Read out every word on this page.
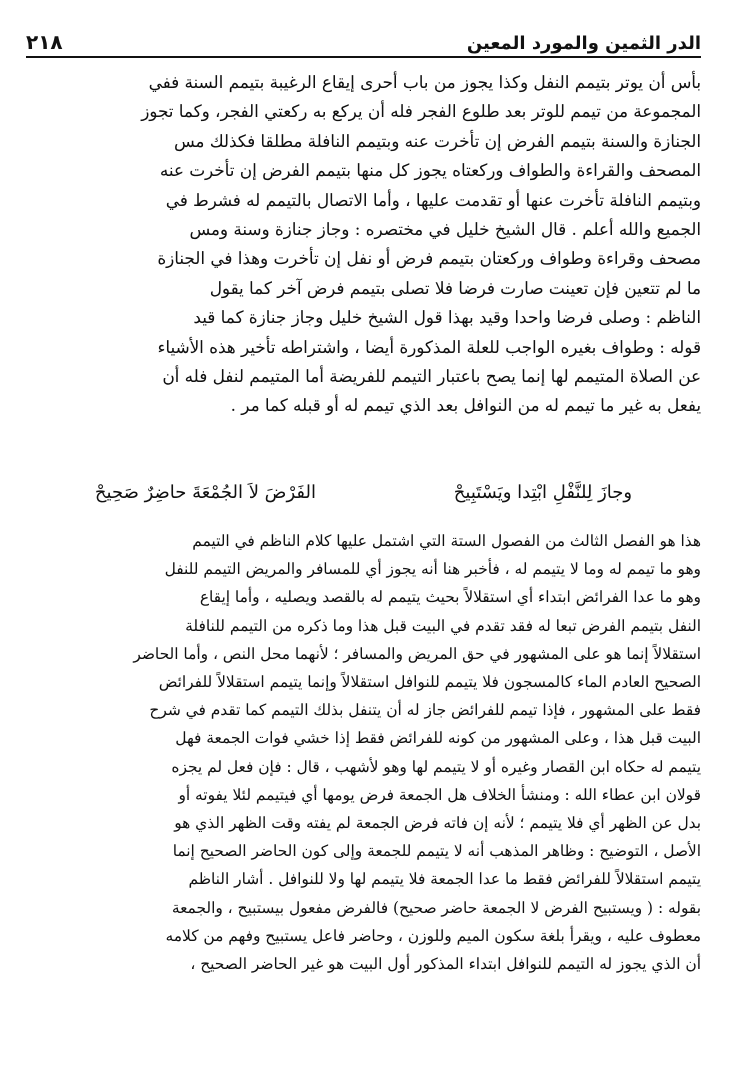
٢١٨	الدر الثمين والمورد المعين
بأس أن يوتر بتيمم النفل وكذا يجوز من باب أحرى إيقاع الرغيبة بتيمم السنة ففي
المجموعة من تيمم للوتر بعد طلوع الفجر فله أن يركع به ركعتي الفجر، وكما تجوز
الجنازة والسنة بتيمم الفرض إن تأخرت عنه وبتيمم النافلة مطلقا فكذلك مس
المصحف والقراءة والطواف وركعتاه يجوز كل منها بتيمم الفرض إن تأخرت عنه
وبتيمم النافلة تأخرت عنها أو تقدمت عليها ، وأما الاتصال بالتيمم له فشرط في
الجميع والله أعلم . قال الشيخ خليل في مختصره : وجاز جنازة وسنة ومس
مصحف وقراءة وطواف وركعتان بتيمم فرض أو نفل إن تأخرت وهذا في الجنازة
ما لم تتعين فإن تعينت صارت فرضا فلا تصلى بتيمم فرض آخر كما يقول
الناظم : وصلى فرضا واحدا وقيد بهذا قول الشيخ خليل وجاز جنازة كما قيد
قوله : وطواف بغيره الواجب للعلة المذكورة أيضا ، واشتراطه تأخير هذه الأشياء
عن الصلاة المتيمم لها إنما يصح باعتبار التيمم للفريضة أما المتيمم لنفل فله أن
يفعل به غير ما تيمم له من النوافل بعد الذي تيمم له أو قبله كما مر .
وجازَ لِلنَّفْلِ ابْتِدا ويَسْتَبِيحْ
الفَرْضَ لاَ الجُمْعَةَ حاضِرٌ صَحِيحْ
هذا هو الفصل الثالث من الفصول الستة التي اشتمل عليها كلام الناظم في التيمم
وهو ما تيمم له وما لا يتيمم له ، فأخبر هنا أنه يجوز أي للمسافر والمريض التيمم للنفل
وهو ما عدا الفرائض ابتداء أي استقلالاً بحيث يتيمم له بالقصد ويصليه ، وأما إيقاع
النفل بتيمم الفرض تبعا له فقد تقدم في البيت قبل هذا وما ذكره من التيمم للنافلة
استقلالاً إنما هو على المشهور في حق المريض والمسافر ؛ لأنهما محل النص ، وأما الحاضر
الصحيح العادم الماء كالمسجون فلا يتيمم للنوافل استقلالاً وإنما يتيمم استقلالاً للفرائض
فقط على المشهور ، فإذا تيمم للفرائض جاز له أن يتنفل بذلك التيمم كما تقدم في شرح
البيت قبل هذا ، وعلى المشهور من كونه للفرائض فقط إذا خشي فوات الجمعة فهل
يتيمم له حكاه ابن القصار وغيره أو لا يتيمم لها وهو لأشهب ، قال : فإن فعل لم يجزه
قولان ابن عطاء الله : ومنشأ الخلاف هل الجمعة فرض يومها أي فيتيمم لئلا يفوته أو
بدل عن الظهر أي فلا يتيمم ؛ لأنه إن فاته فرض الجمعة لم يفته وقت الظهر الذي هو
الأصل ، التوضيح : وظاهر المذهب أنه لا يتيمم للجمعة وإلى كون الحاضر الصحيح إنما
يتيمم استقلالاً للفرائض فقط ما عدا الجمعة فلا يتيمم لها ولا للنوافل . أشار الناظم
بقوله : ( ويستبيح الفرض لا الجمعة حاضر صحيح) فالفرض مفعول بيستبيح ، والجمعة
معطوف عليه ، ويقرأ بلغة سكون الميم وللوزن ، وحاضر فاعل يستبيح وفهم من كلامه
أن الذي يجوز له التيمم للنوافل ابتداء المذكور أول البيت هو غير الحاضر الصحيح ،
